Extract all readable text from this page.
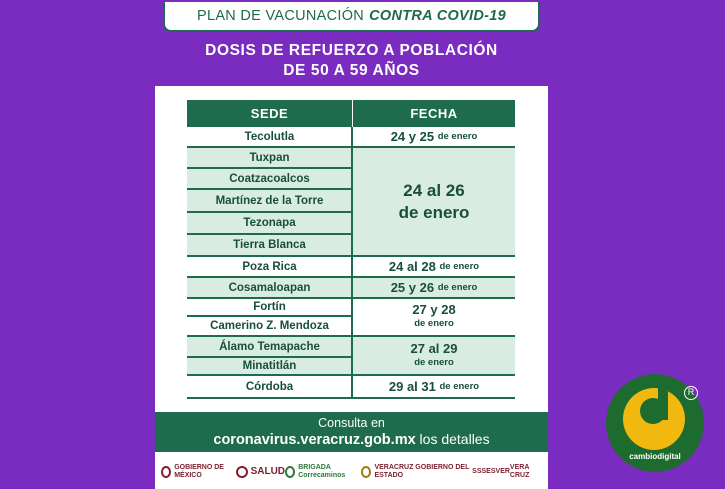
PLAN DE VACUNACIÓN CONTRA COVID-19
DOSIS DE REFUERZO A POBLACIÓN
DE 50 A 59 AÑOS
SEDE	FECHA
Tecolutla
Tuxpan
Coatzacoalcos
Martínez de la Torre
Tezonapa
Tierra Blanca
Poza Rica
Cosamaloapan
Fortín
Camerino Z. Mendoza
Álamo Temapache
Minatitlán
Córdoba
24 y 25
de enero
24 al 26
de enero
24 al 28
de enero
25 y 26
de enero
27 y 28
de enero
27 al 29
de enero
29 al 31
de enero
Consulta en
coronavirus.veracruz.gob.mx los detalles
GOBIERNO DE MÉXICO	SALUD BRIGADA Correcaminos
VERACRUZ GOBIERNO DEL ESTADO
SS SESVER
VERA CRUZ
R
cambiodigital
